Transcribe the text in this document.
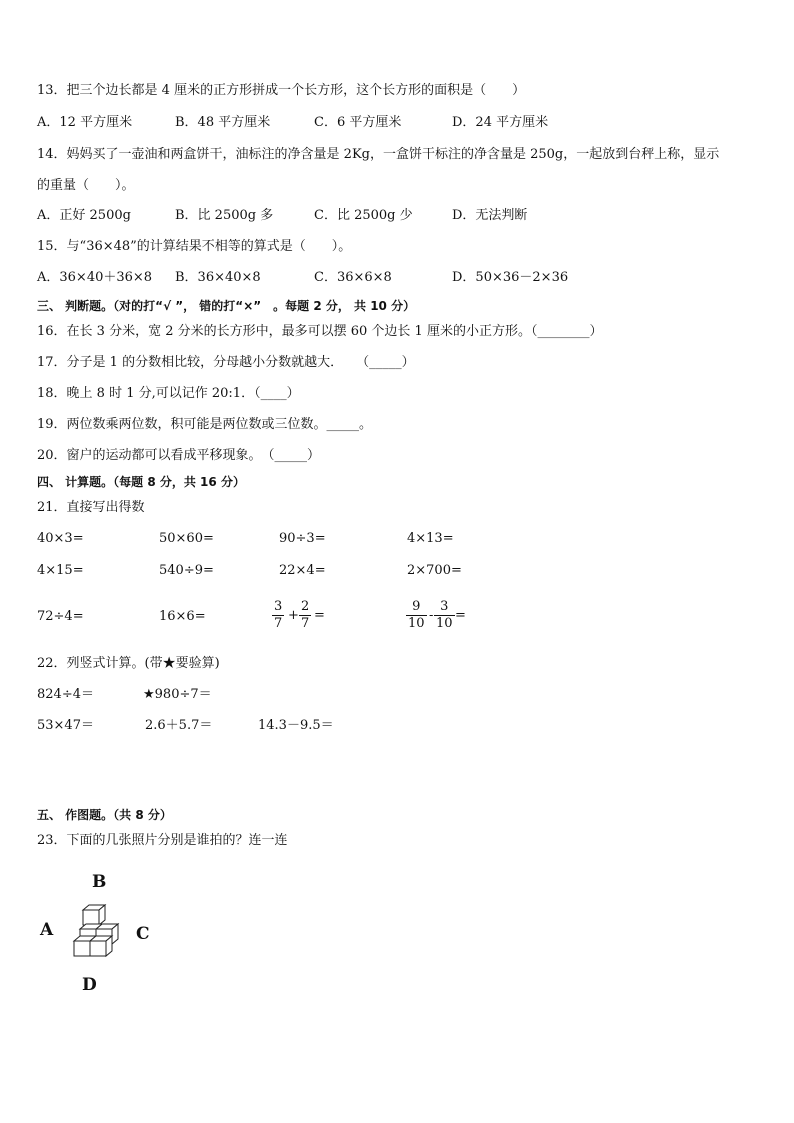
13．把三个边长都是 4 厘米的正方形拼成一个长方形，这个长方形的面积是（　　）
A．12 平方厘米	B．48 平方厘米	C．6 平方厘米	D．24 平方厘米
14．妈妈买了一壶油和两盒饼干，油标注的净含量是 2Kg，一盒饼干标注的净含量是 250g，一起放到台秤上称，显示
的重量（　　）。
A．正好 2500g	B．比 2500g 多	C．比 2500g 少	D．无法判断
15．与“36×48”的计算结果不相等的算式是（　　）。
A．36×40＋36×8 B．36×40×8	C．36×6×8	D．50×36－2×36
三、 判断题。（对的打“√ ”， 错的打“×”　。每题 2 分， 共 10 分）
16．在长 3 分米，宽 2 分米的长方形中，最多可以摆 60 个边长 1 厘米的小正方形。（________）
17．分子是 1 的分数相比较，分母越小分数就越大．　　（_____）
18．晚上 8 时 1 分,可以记作 20:1．（____）
19．两位数乘两位数，积可能是两位数或三位数。_____。
20．窗户的运动都可以看成平移现象。　（_____）
四、 计算题。（每题 8 分，共 16 分）
21．直接写出得数
40×3=	50×60=	90÷3=	4×13=
4×15=	540÷9=	22×4=	2×700=
72÷4=	16×6=	$\frac{3}{7} + \frac{2}{7}$ =	$\frac{9}{10} - \frac{3}{10}$ =
22．列竖式计算。(带★要验算)
824÷4＝	★980÷7＝
53×47＝	2.6＋5.7＝	14.3－9.5＝
五、 作图题。（共 8 分）
23．下面的几张照片分别是谁拍的？连一连
B
A	C
D
